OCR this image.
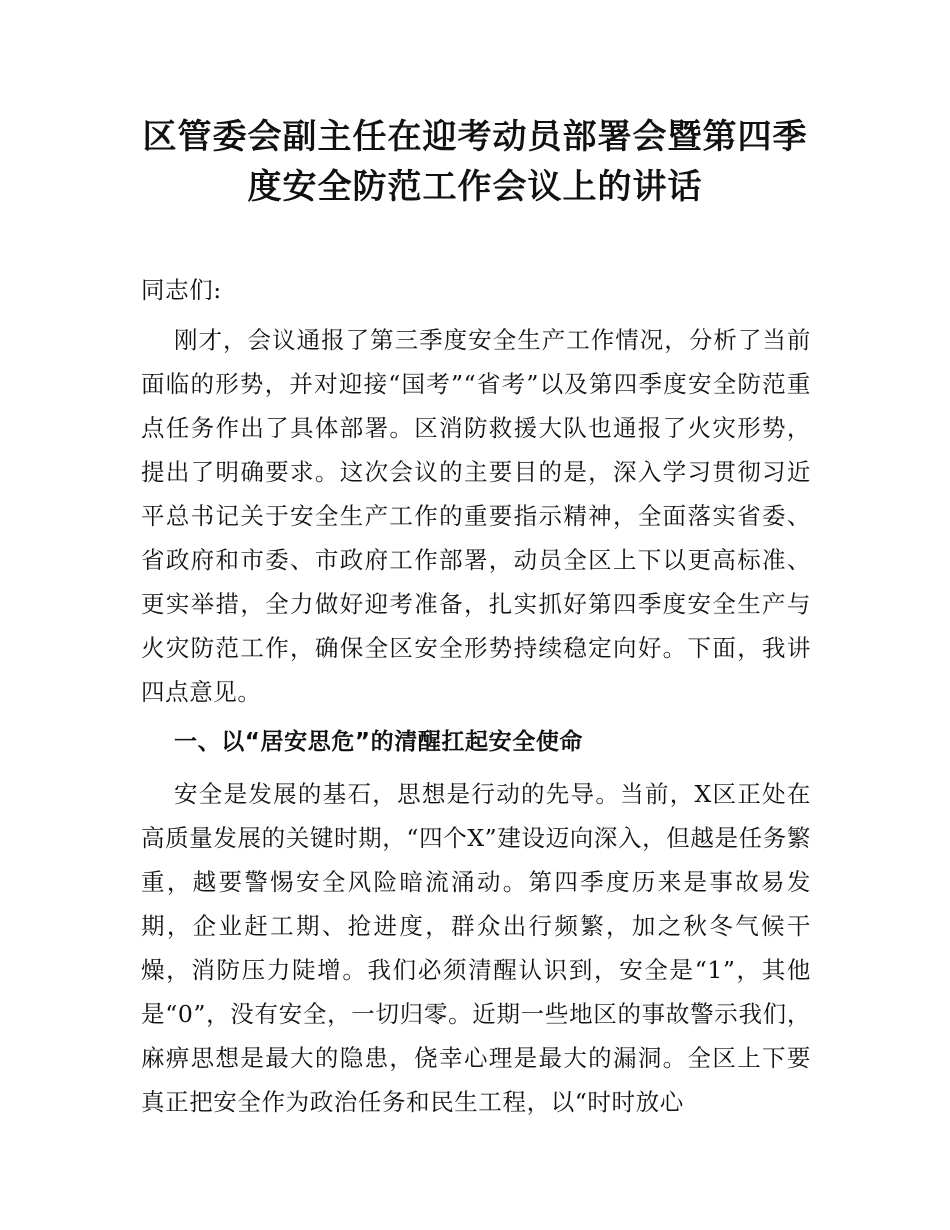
区管委会副主任在迎考动员部署会暨第四季度安全防范工作会议上的讲话

同志们:

刚才，会议通报了第三季度安全生产工作情况，分析了当前面临的形势，并对迎接“国考”“省考”以及第四季度安全防范重点任务作出了具体部署。区消防救援大队也通报了火灾形势，提出了明确要求。这次会议的主要目的是，深入学习贯彻习近平总书记关于安全生产工作的重要指示精神，全面落实省委、省政府和市委、市政府工作部署，动员全区上下以更高标准、更实举措，全力做好迎考准备，扎实抓好第四季度安全生产与火灾防范工作，确保全区安全形势持续稳定向好。下面，我讲四点意见。

一、以“居安思危”的清醒扛起安全使命

安全是发展的基石，思想是行动的先导。当前，X区正处在高质量发展的关键时期，“四个X”建设迈向深入，但越是任务繁重，越要警惕安全风险暗流涌动。第四季度历来是事故易发期，企业赶工期、抢进度，群众出行频繁，加之秋冬气候干燥，消防压力陡增。我们必须清醒认识到，安全是“1”，其他是“0”，没有安全，一切归零。近期一些地区的事故警示我们，麻痹思想是最大的隐患，侥幸心理是最大的漏洞。全区上下要真正把安全作为政治任务和民生工程，以“时时放心
